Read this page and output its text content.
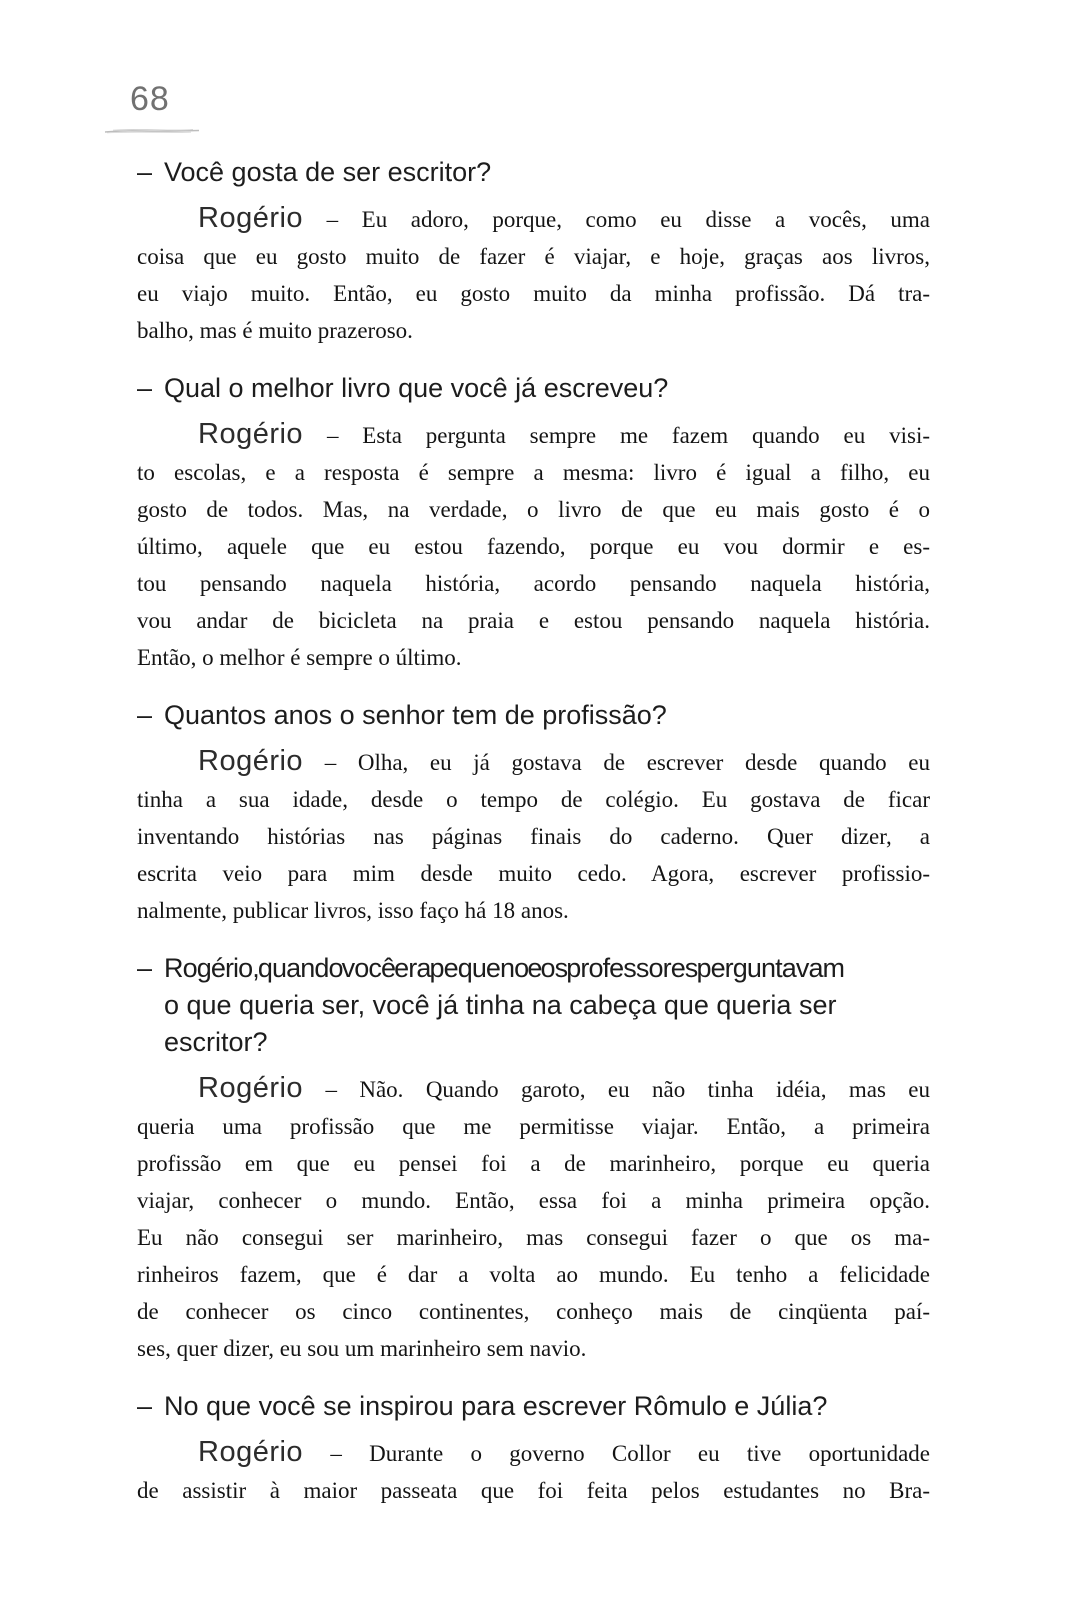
68
– Você gosta de ser escritor?
Rogério – Eu adoro, porque, como eu disse a vocês, uma
coisa que eu gosto muito de fazer é viajar, e hoje, graças aos livros,
eu viajo muito. Então, eu gosto muito da minha profissão. Dá tra-
balho, mas é muito prazeroso.
– Qual o melhor livro que você já escreveu?
Rogério – Esta pergunta sempre me fazem quando eu visi-
to escolas, e a resposta é sempre a mesma: livro é igual a filho, eu
gosto de todos. Mas, na verdade, o livro de que eu mais gosto é o
último, aquele que eu estou fazendo, porque eu vou dormir e es-
tou pensando naquela história, acordo pensando naquela história,
vou andar de bicicleta na praia e estou pensando naquela história.
Então, o melhor é sempre o último.
– Quantos anos o senhor tem de profissão?
Rogério – Olha, eu já gostava de escrever desde quando eu
tinha a sua idade, desde o tempo de colégio. Eu gostava de ficar
inventando histórias nas páginas finais do caderno. Quer dizer, a
escrita veio para mim desde muito cedo. Agora, escrever profissio-
nalmente, publicar livros, isso faço há 18 anos.
– Rogério, quando você era pequeno e os professores perguntavam
o que queria ser, você já tinha na cabeça que queria ser escritor?
Rogério – Não. Quando garoto, eu não tinha idéia, mas eu
queria uma profissão que me permitisse viajar. Então, a primeira
profissão em que eu pensei foi a de marinheiro, porque eu queria
viajar, conhecer o mundo. Então, essa foi a minha primeira opção.
Eu não consegui ser marinheiro, mas consegui fazer o que os ma-
rinheiros fazem, que é dar a volta ao mundo. Eu tenho a felicidade
de conhecer os cinco continentes, conheço mais de cinqüenta paí-
ses, quer dizer, eu sou um marinheiro sem navio.
– No que você se inspirou para escrever Rômulo e Júlia?
Rogério – Durante o governo Collor eu tive oportunidade
de assistir à maior passeata que foi feita pelos estudantes no Bra-
